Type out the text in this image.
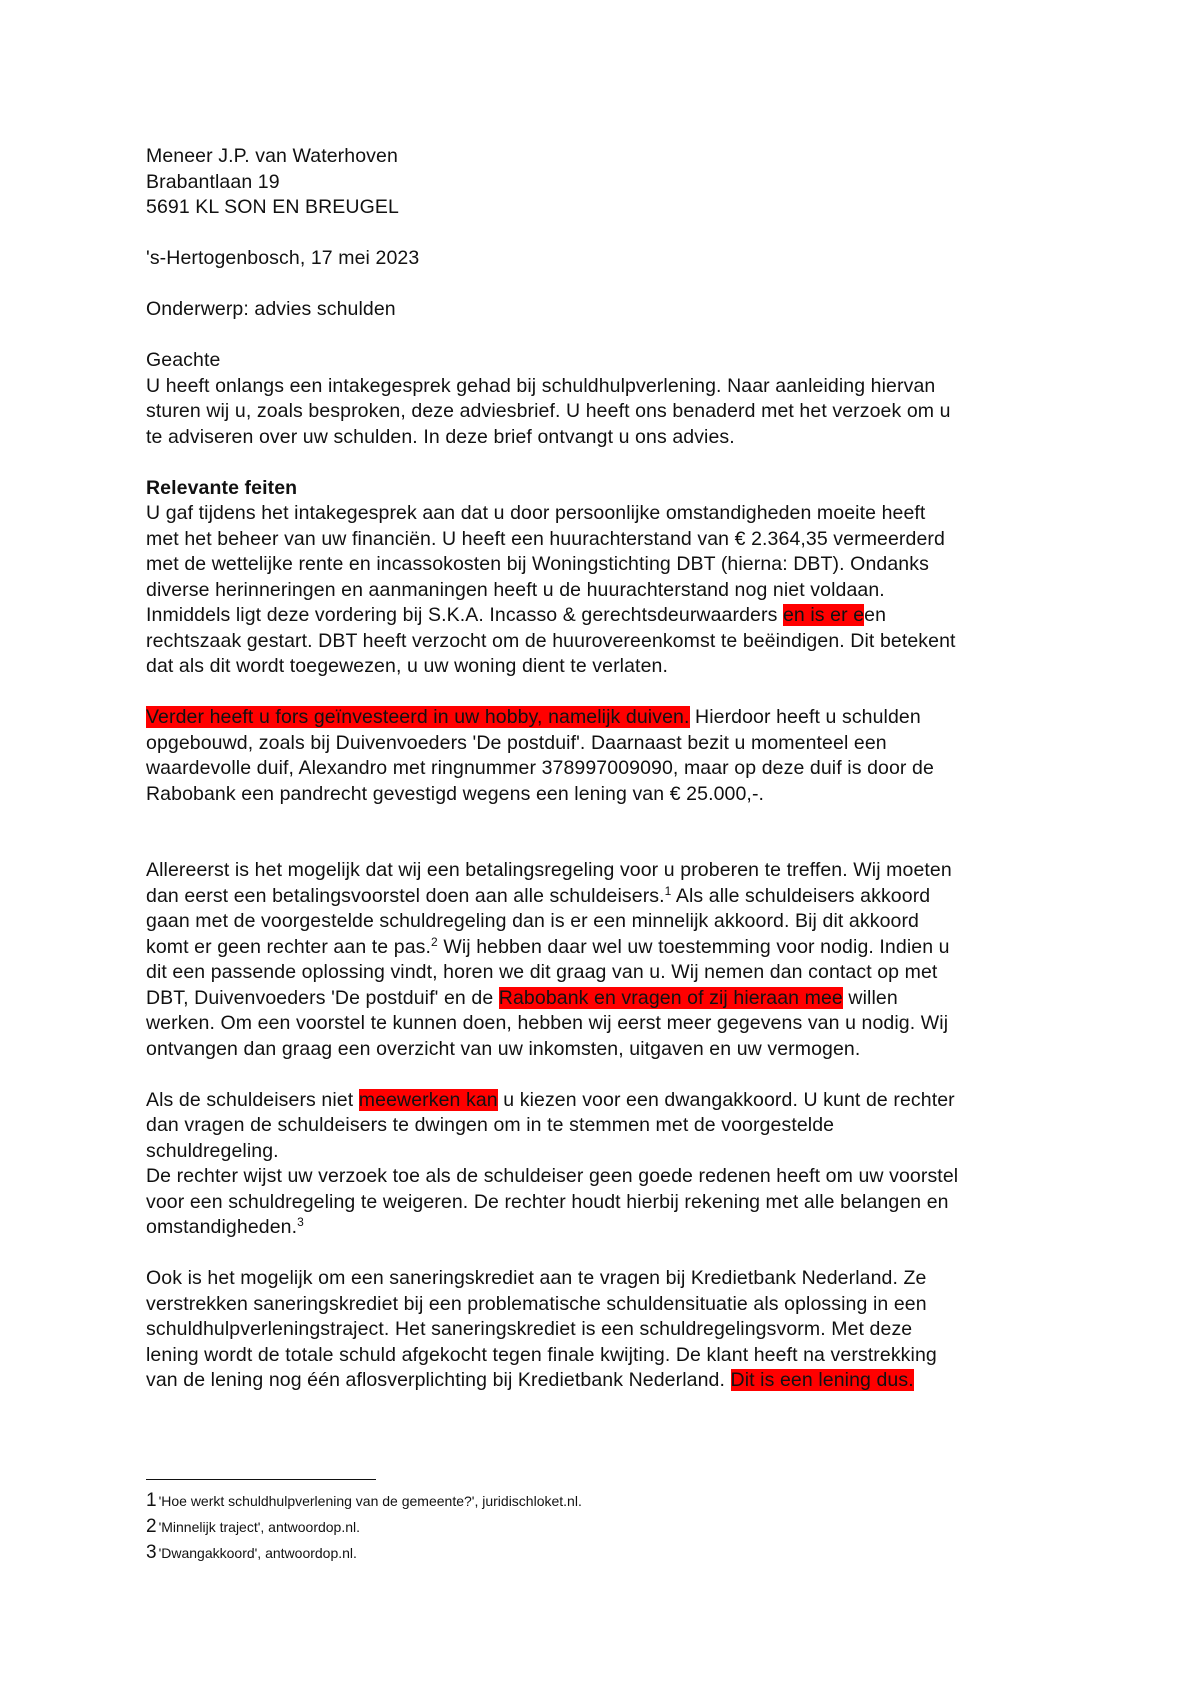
Meneer J.P. van Waterhoven
Brabantlaan 19
5691 KL SON EN BREUGEL
's-Hertogenbosch, 17 mei 2023
Onderwerp: advies schulden
Geachte
U heeft onlangs een intakegesprek gehad bij schuldhulpverlening. Naar aanleiding hiervan
sturen wij u, zoals besproken, deze adviesbrief. U heeft ons benaderd met het verzoek om u
te adviseren over uw schulden. In deze brief ontvangt u ons advies.
Relevante feiten
U gaf tijdens het intakegesprek aan dat u door persoonlijke omstandigheden moeite heeft
met het beheer van uw financiën. U heeft een huurachterstand van € 2.364,35 vermeerderd
met de wettelijke rente en incassokosten bij Woningstichting DBT (hierna: DBT). Ondanks
diverse herinneringen en aanmaningen heeft u de huurachterstand nog niet voldaan.
Inmiddels ligt deze vordering bij S.K.A. Incasso & gerechtsdeurwaarders en is er een
rechtszaak gestart. DBT heeft verzocht om de huurovereenkomst te beëindigen. Dit betekent
dat als dit wordt toegewezen, u uw woning dient te verlaten.
Verder heeft u fors geïnvesteerd in uw hobby, namelijk duiven. Hierdoor heeft u schulden
opgebouwd, zoals bij Duivenvoeders 'De postduif'. Daarnaast bezit u momenteel een
waardevolle duif, Alexandro met ringnummer 378997009090, maar op deze duif is door de
Rabobank een pandrecht gevestigd wegens een lening van € 25.000,-.
Allereerst is het mogelijk dat wij een betalingsregeling voor u proberen te treffen. Wij moeten
dan eerst een betalingsvoorstel doen aan alle schuldeisers.$^1$ Als alle schuldeisers akkoord
gaan met de voorgestelde schuldregeling dan is er een minnelijk akkoord. Bij dit akkoord
komt er geen rechter aan te pas.$^2$ Wij hebben daar wel uw toestemming voor nodig. Indien u
dit een passende oplossing vindt, horen we dit graag van u. Wij nemen dan contact op met
DBT, Duivenvoeders 'De postduif' en de Rabobank en vragen of zij hieraan mee willen
werken. Om een voorstel te kunnen doen, hebben wij eerst meer gegevens van u nodig. Wij
ontvangen dan graag een overzicht van uw inkomsten, uitgaven en uw vermogen.
Als de schuldeisers niet meewerken kan u kiezen voor een dwangakkoord. U kunt de rechter
dan vragen de schuldeisers te dwingen om in te stemmen met de voorgestelde
schuldregeling.
De rechter wijst uw verzoek toe als de schuldeiser geen goede redenen heeft om uw voorstel
voor een schuldregeling te weigeren. De rechter houdt hierbij rekening met alle belangen en
omstandigheden.$^3$
Ook is het mogelijk om een saneringskrediet aan te vragen bij Kredietbank Nederland. Ze
verstrekken saneringskrediet bij een problematische schuldensituatie als oplossing in een
schuldhulpverleningstraject. Het saneringskrediet is een schuldregelingsvorm. Met deze
lening wordt de totale schuld afgekocht tegen finale kwijting. De klant heeft na verstrekking
van de lening nog één aflosverplichting bij Kredietbank Nederland. Dit is een lening dus.
1 'Hoe werkt schuldhulpverlening van de gemeente?', juridischloket.nl.
2 'Minnelijk traject', antwoordop.nl.
3 'Dwangakkoord', antwoordop.nl.
